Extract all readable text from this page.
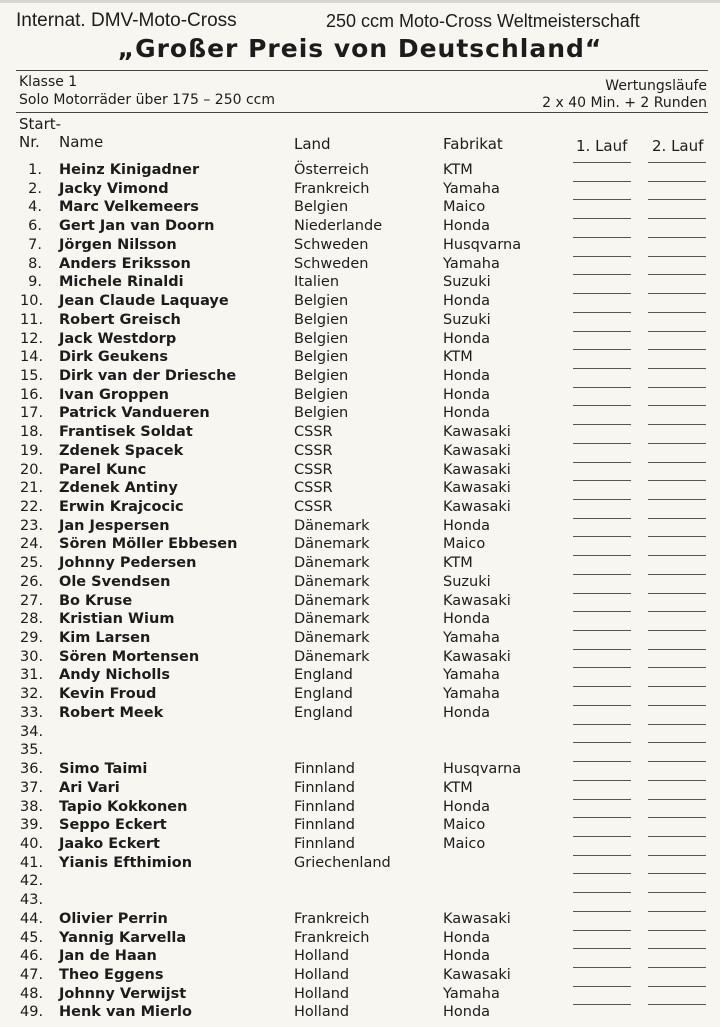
Internat. DMV-Moto-Cross	250 ccm Moto-Cross Weltmeisterschaft
„Großer Preis von Deutschland“
Klasse 1
Solo Motorräder über 175 – 250 ccm
Wertungsläufe
2 x 40 Min. + 2 Runden
Start-
Nr. Name	Land	Fabrikat	1. Lauf 2. Lauf
1. Heinz Kinigadner	Österreich	KTM
2. Jacky Vimond	Frankreich	Yamaha
4. Marc Velkemeers	Belgien	Maico
6. Gert Jan van Doorn	Niederlande	Honda
7. Jörgen Nilsson	Schweden	Husqvarna
8. Anders Eriksson	Schweden	Yamaha
9. Michele Rinaldi	Italien	Suzuki
10. Jean Claude Laquaye	Belgien	Honda
11. Robert Greisch	Belgien	Suzuki
12. Jack Westdorp	Belgien	Honda
14. Dirk Geukens	Belgien	KTM
15. Dirk van der Driesche	Belgien	Honda
16. Ivan Groppen	Belgien	Honda
17. Patrick Vandueren	Belgien	Honda
18. Frantisek Soldat	CSSR	Kawasaki
19. Zdenek Spacek	CSSR	Kawasaki
20. Parel Kunc	CSSR	Kawasaki
21. Zdenek Antiny	CSSR	Kawasaki
22. Erwin Krajcocic	CSSR	Kawasaki
23. Jan Jespersen	Dänemark	Honda
24. Sören Möller Ebbesen	Dänemark	Maico
25. Johnny Pedersen	Dänemark	KTM
26. Ole Svendsen	Dänemark	Suzuki
27. Bo Kruse	Dänemark	Kawasaki
28. Kristian Wium	Dänemark	Honda
29. Kim Larsen	Dänemark	Yamaha
30. Sören Mortensen	Dänemark	Kawasaki
31. Andy Nicholls	England	Yamaha
32. Kevin Froud	England	Yamaha
33. Robert Meek	England	Honda
34.
35.
36. Simo Taimi	Finnland	Husqvarna
37. Ari Vari	Finnland	KTM
38. Tapio Kokkonen	Finnland	Honda
39. Seppo Eckert	Finnland	Maico
40. Jaako Eckert	Finnland	Maico
41. Yianis Efthimion	Griechenland
42.
43.
44. Olivier Perrin	Frankreich	Kawasaki
45. Yannig Karvella	Frankreich	Honda
46. Jan de Haan	Holland	Honda
47. Theo Eggens	Holland	Kawasaki
48. Johnny Verwijst	Holland	Yamaha
49. Henk van Mierlo	Holland	Honda
